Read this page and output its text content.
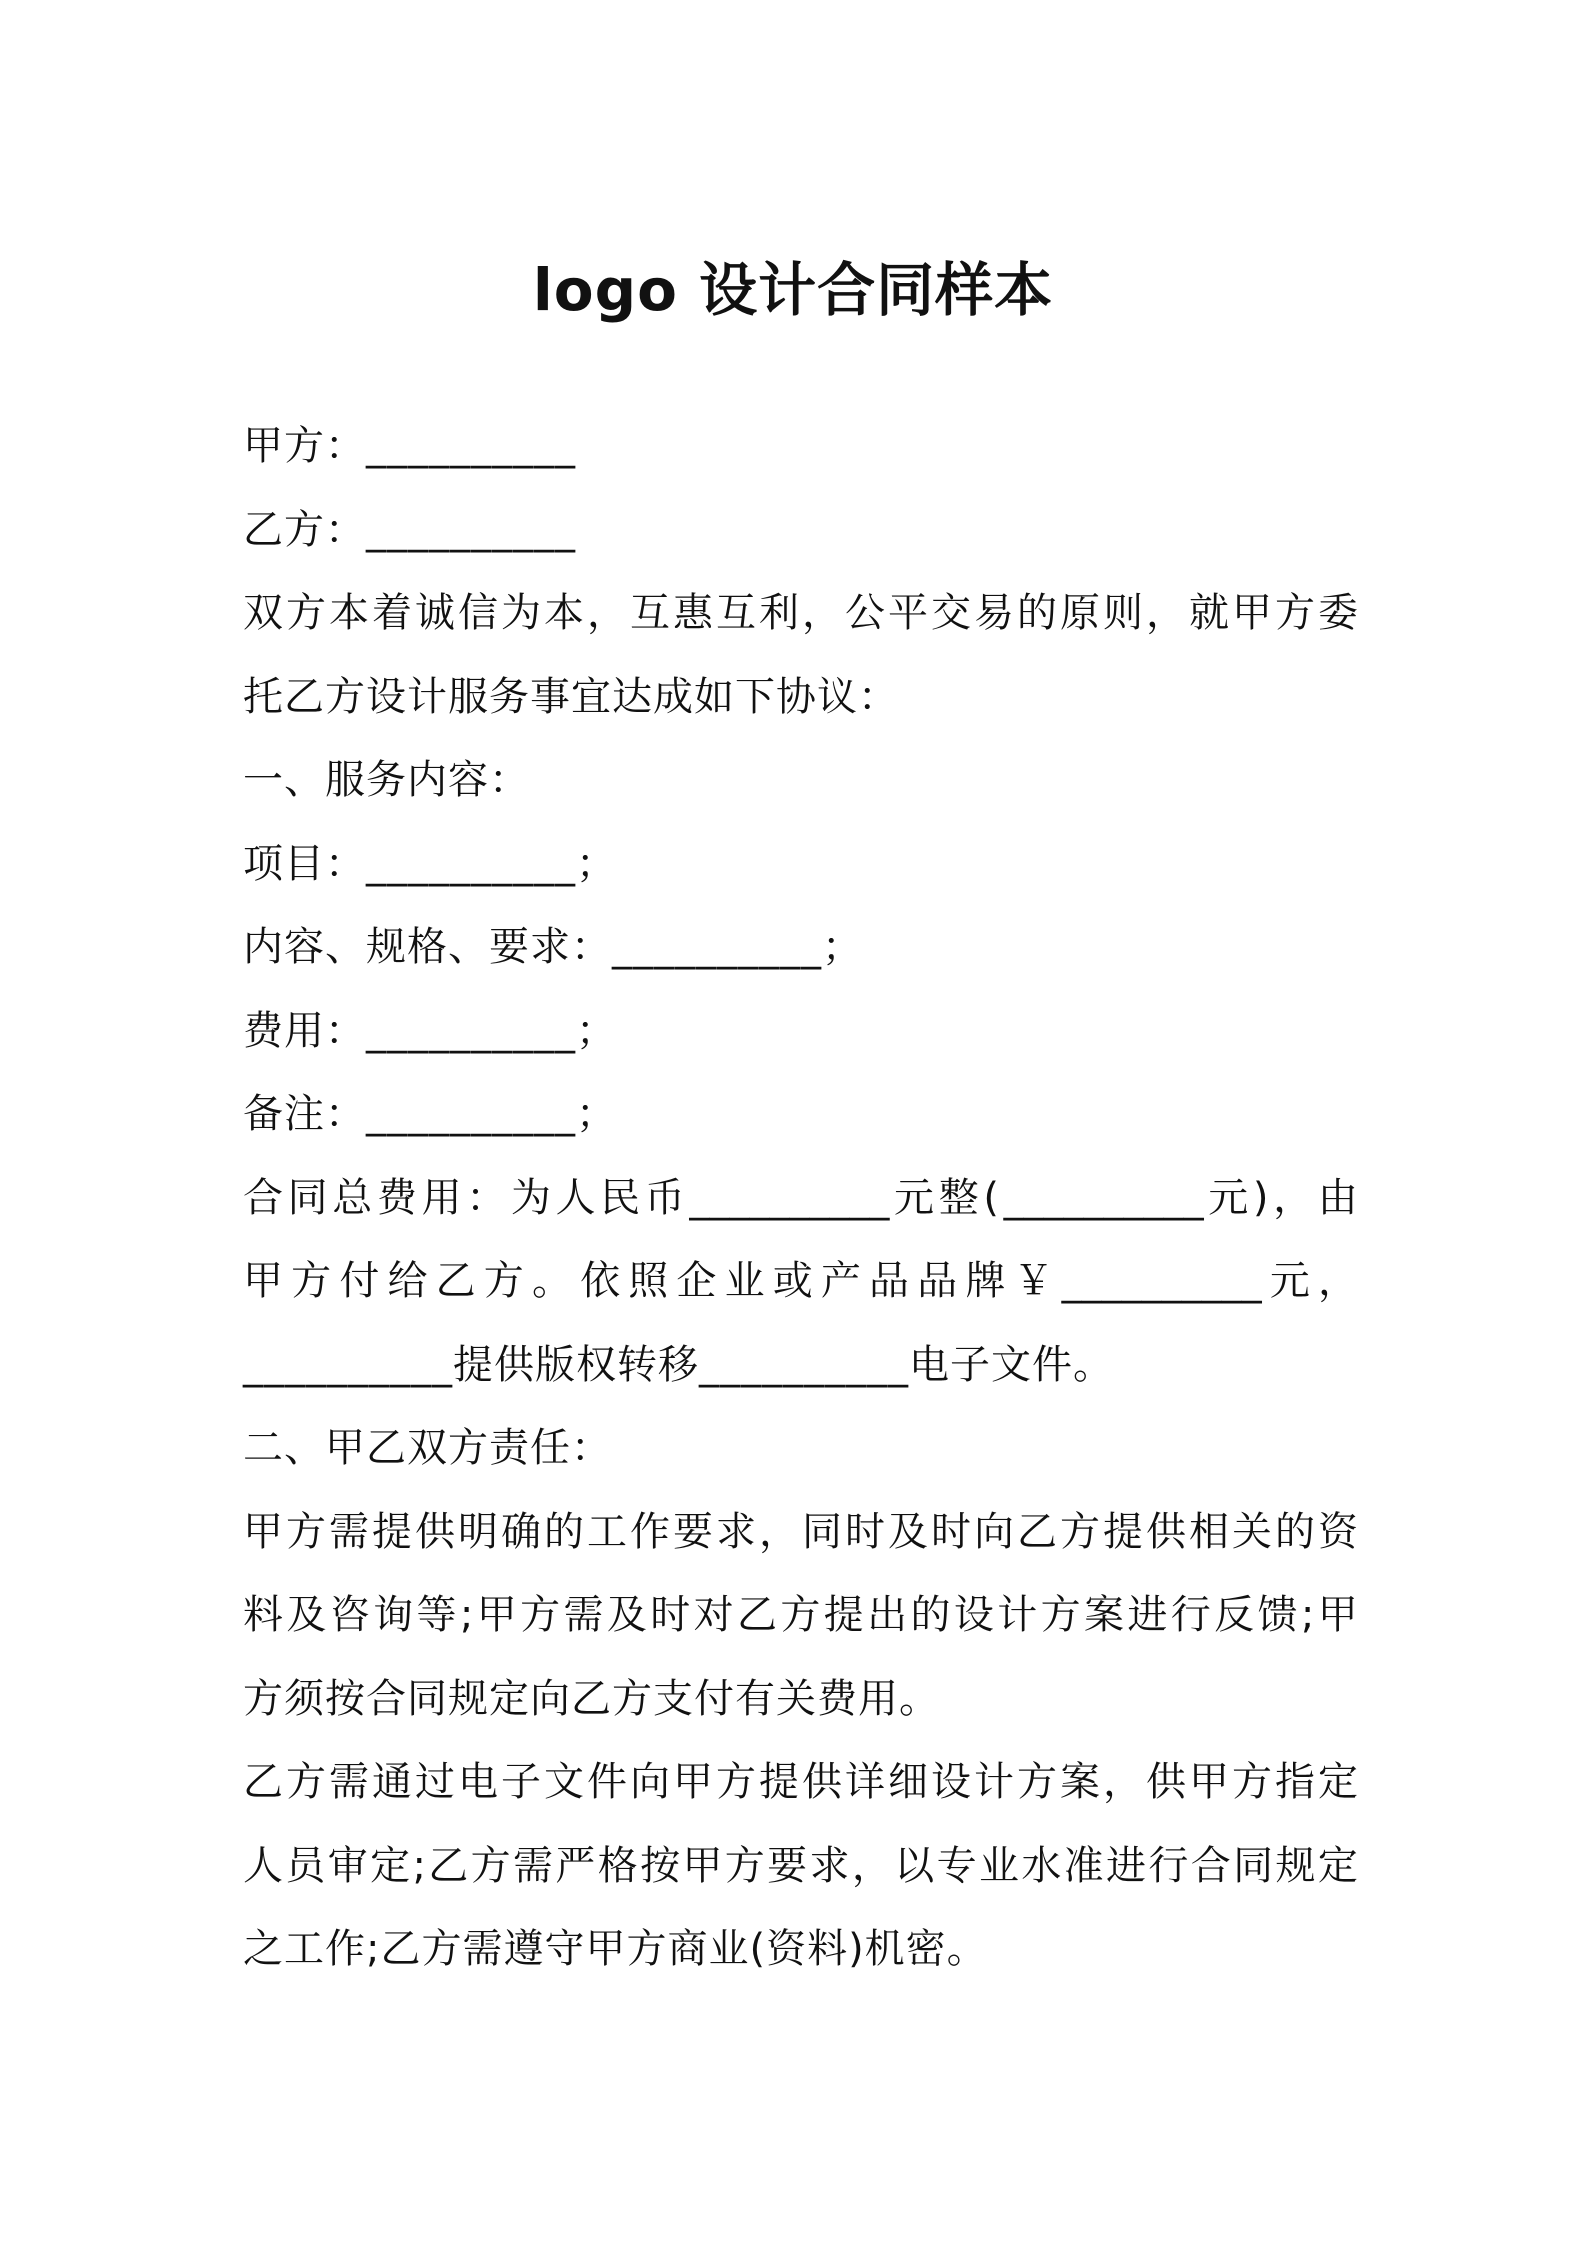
logo 设计合同样本
甲方：__________
乙方：__________
双 方 本 着 诚 信 为 本 ， 互 惠 互 利 ， 公 平 交 易 的 原 则 ， 就 甲 方 委
托乙方设计服务事宜达成如下协议：
一、服务内容：
项目：__________；
内容、规格、要求：__________；
费用：__________；
备注：__________；
合 同 总 费 用 ： 为 人 民 币 __________ 元 整 ( __________ 元 ) ， 由
甲 方 付 给 乙 方 。 依 照 企 业 或 产 品 品 牌 ￥ __________ 元 ，
__________提供版权转移__________电子文件。
二、甲乙双方责任：
甲 方 需 提 供 明 确 的 工 作 要 求 ， 同 时 及 时 向 乙 方 提 供 相 关 的 资
料 及 咨 询 等 ; 甲 方 需 及 时 对 乙 方 提 出 的 设 计 方 案 进 行 反 馈 ; 甲
方须按合同规定向乙方支付有关费用。
乙 方 需 通 过 电 子 文 件 向 甲 方 提 供 详 细 设 计 方 案 ， 供 甲 方 指 定
人 员 审 定 ; 乙 方 需 严 格 按 甲 方 要 求 ， 以 专 业 水 准 进 行 合 同 规 定
之工作;乙方需遵守甲方商业(资料)机密。
